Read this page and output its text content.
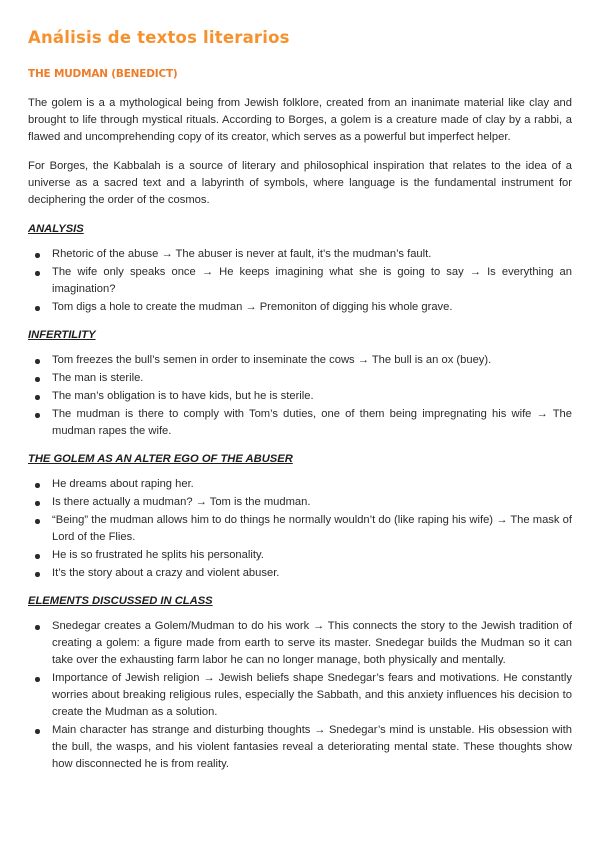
Análisis de textos literarios
THE MUDMAN (BENEDICT)

The golem is a a mythological being from Jewish folklore, created from an inanimate material like clay and brought to life through mystical rituals. According to Borges, a golem is a creature made of clay by a rabbi, a flawed and uncomprehending copy of its creator, which serves as a powerful but imperfect helper.

For Borges, the Kabbalah is a source of literary and philosophical inspiration that relates to the idea of a universe as a sacred text and a labyrinth of symbols, where language is the fundamental instrument for deciphering the order of the cosmos.

ANALYSIS
Rhetoric of the abuse → The abuser is never at fault, it’s the mudman’s fault.
The wife only speaks once → He keeps imagining what she is going to say → Is everything an imagination?
Tom digs a hole to create the mudman → Premoniton of digging his whole grave.
INFERTILITY
Tom freezes the bull’s semen in order to inseminate the cows → The bull is an ox (buey).
The man is sterile.
The man’s obligation is to have kids, but he is sterile.
The mudman is there to comply with Tom’s duties, one of them being impregnating his wife → The mudman rapes the wife.
THE GOLEM AS AN ALTER EGO OF THE ABUSER
He dreams about raping her.
Is there actually a mudman? → Tom is the mudman.
“Being” the mudman allows him to do things he normally wouldn’t do (like raping his wife) → The mask of Lord of the Flies.
He is so frustrated he splits his personality.
It’s the story about a crazy and violent abuser.
ELEMENTS DISCUSSED IN CLASS
Snedegar creates a Golem/Mudman to do his work → This connects the story to the Jewish tradition of creating a golem: a figure made from earth to serve its master. Snedegar builds the Mudman so it can take over the exhausting farm labor he can no longer manage, both physically and mentally.
Importance of Jewish religion → Jewish beliefs shape Snedegar’s fears and motivations. He constantly worries about breaking religious rules, especially the Sabbath, and this anxiety influences his decision to create the Mudman as a solution.
Main character has strange and disturbing thoughts → Snedegar’s mind is unstable. His obsession with the bull, the wasps, and his violent fantasies reveal a deteriorating mental state. These thoughts show how disconnected he is from reality.
